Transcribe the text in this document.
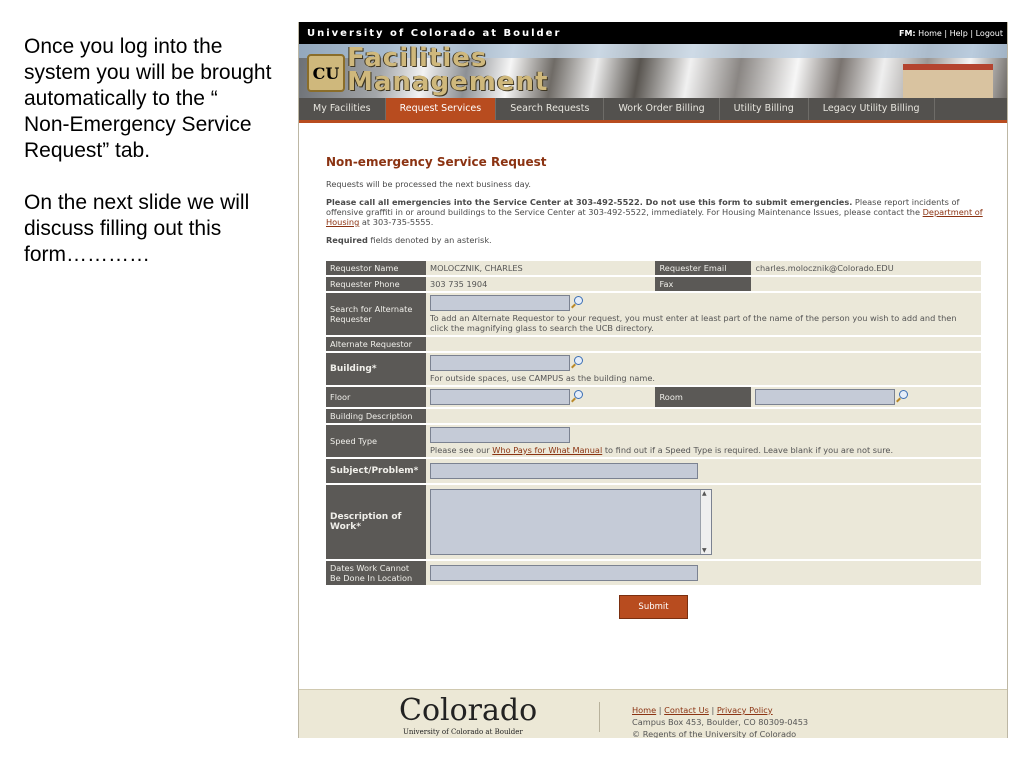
Once you log into the system you will be brought automatically to the “
Non-Emergency Service Request” tab.

On the next slide we will discuss filling out this form…………

University of Colorado at Boulder	FM: Home | Help | Logout
CU Facilities
Management
My Facilities	Request Services	Search Requests	Work Order Billing	Utility Billing	Legacy Utility Billing
Non-emergency Service Request

Requests will be processed the next business day.

Please call all emergencies into the Service Center at 303-492-5522. Do not use this form to submit emergencies. Please report incidents of offensive graffiti in or around buildings to the Service Center at 303-492-5522, immediately. For Housing Maintenance Issues, please contact the Department of Housing at 303-735-5555.

Required fields denoted by an asterisk.

Requestor Name	MOLOCZNIK, CHARLES	Requester Email	charles.molocznik@Colorado.EDU
Requester Phone	303 735 1904	Fax	
Search for Alternate Requester	To add an Alternate Requestor to your request, you must enter at least part of the name of the person you wish to add and then click the magnifying glass to search the UCB directory.		

Alternate Requestor			
Building*	For outside spaces, use CAMPUS as the building name.		

Floor		Room	
Building Description			
Speed Type	Please see our Who Pays for What Manual to find out if a Speed Type is required. Leave blank if you are not sure.		

Subject/Problem*			
Description of Work*	
▲ ▼

Dates Work Cannot Be Done In Location			
Submit
Colorado
University of Colorado at Boulder
Home | Contact Us | Privacy Policy
Campus Box 453, Boulder, CO 80309-0453
© Regents of the University of Colorado
